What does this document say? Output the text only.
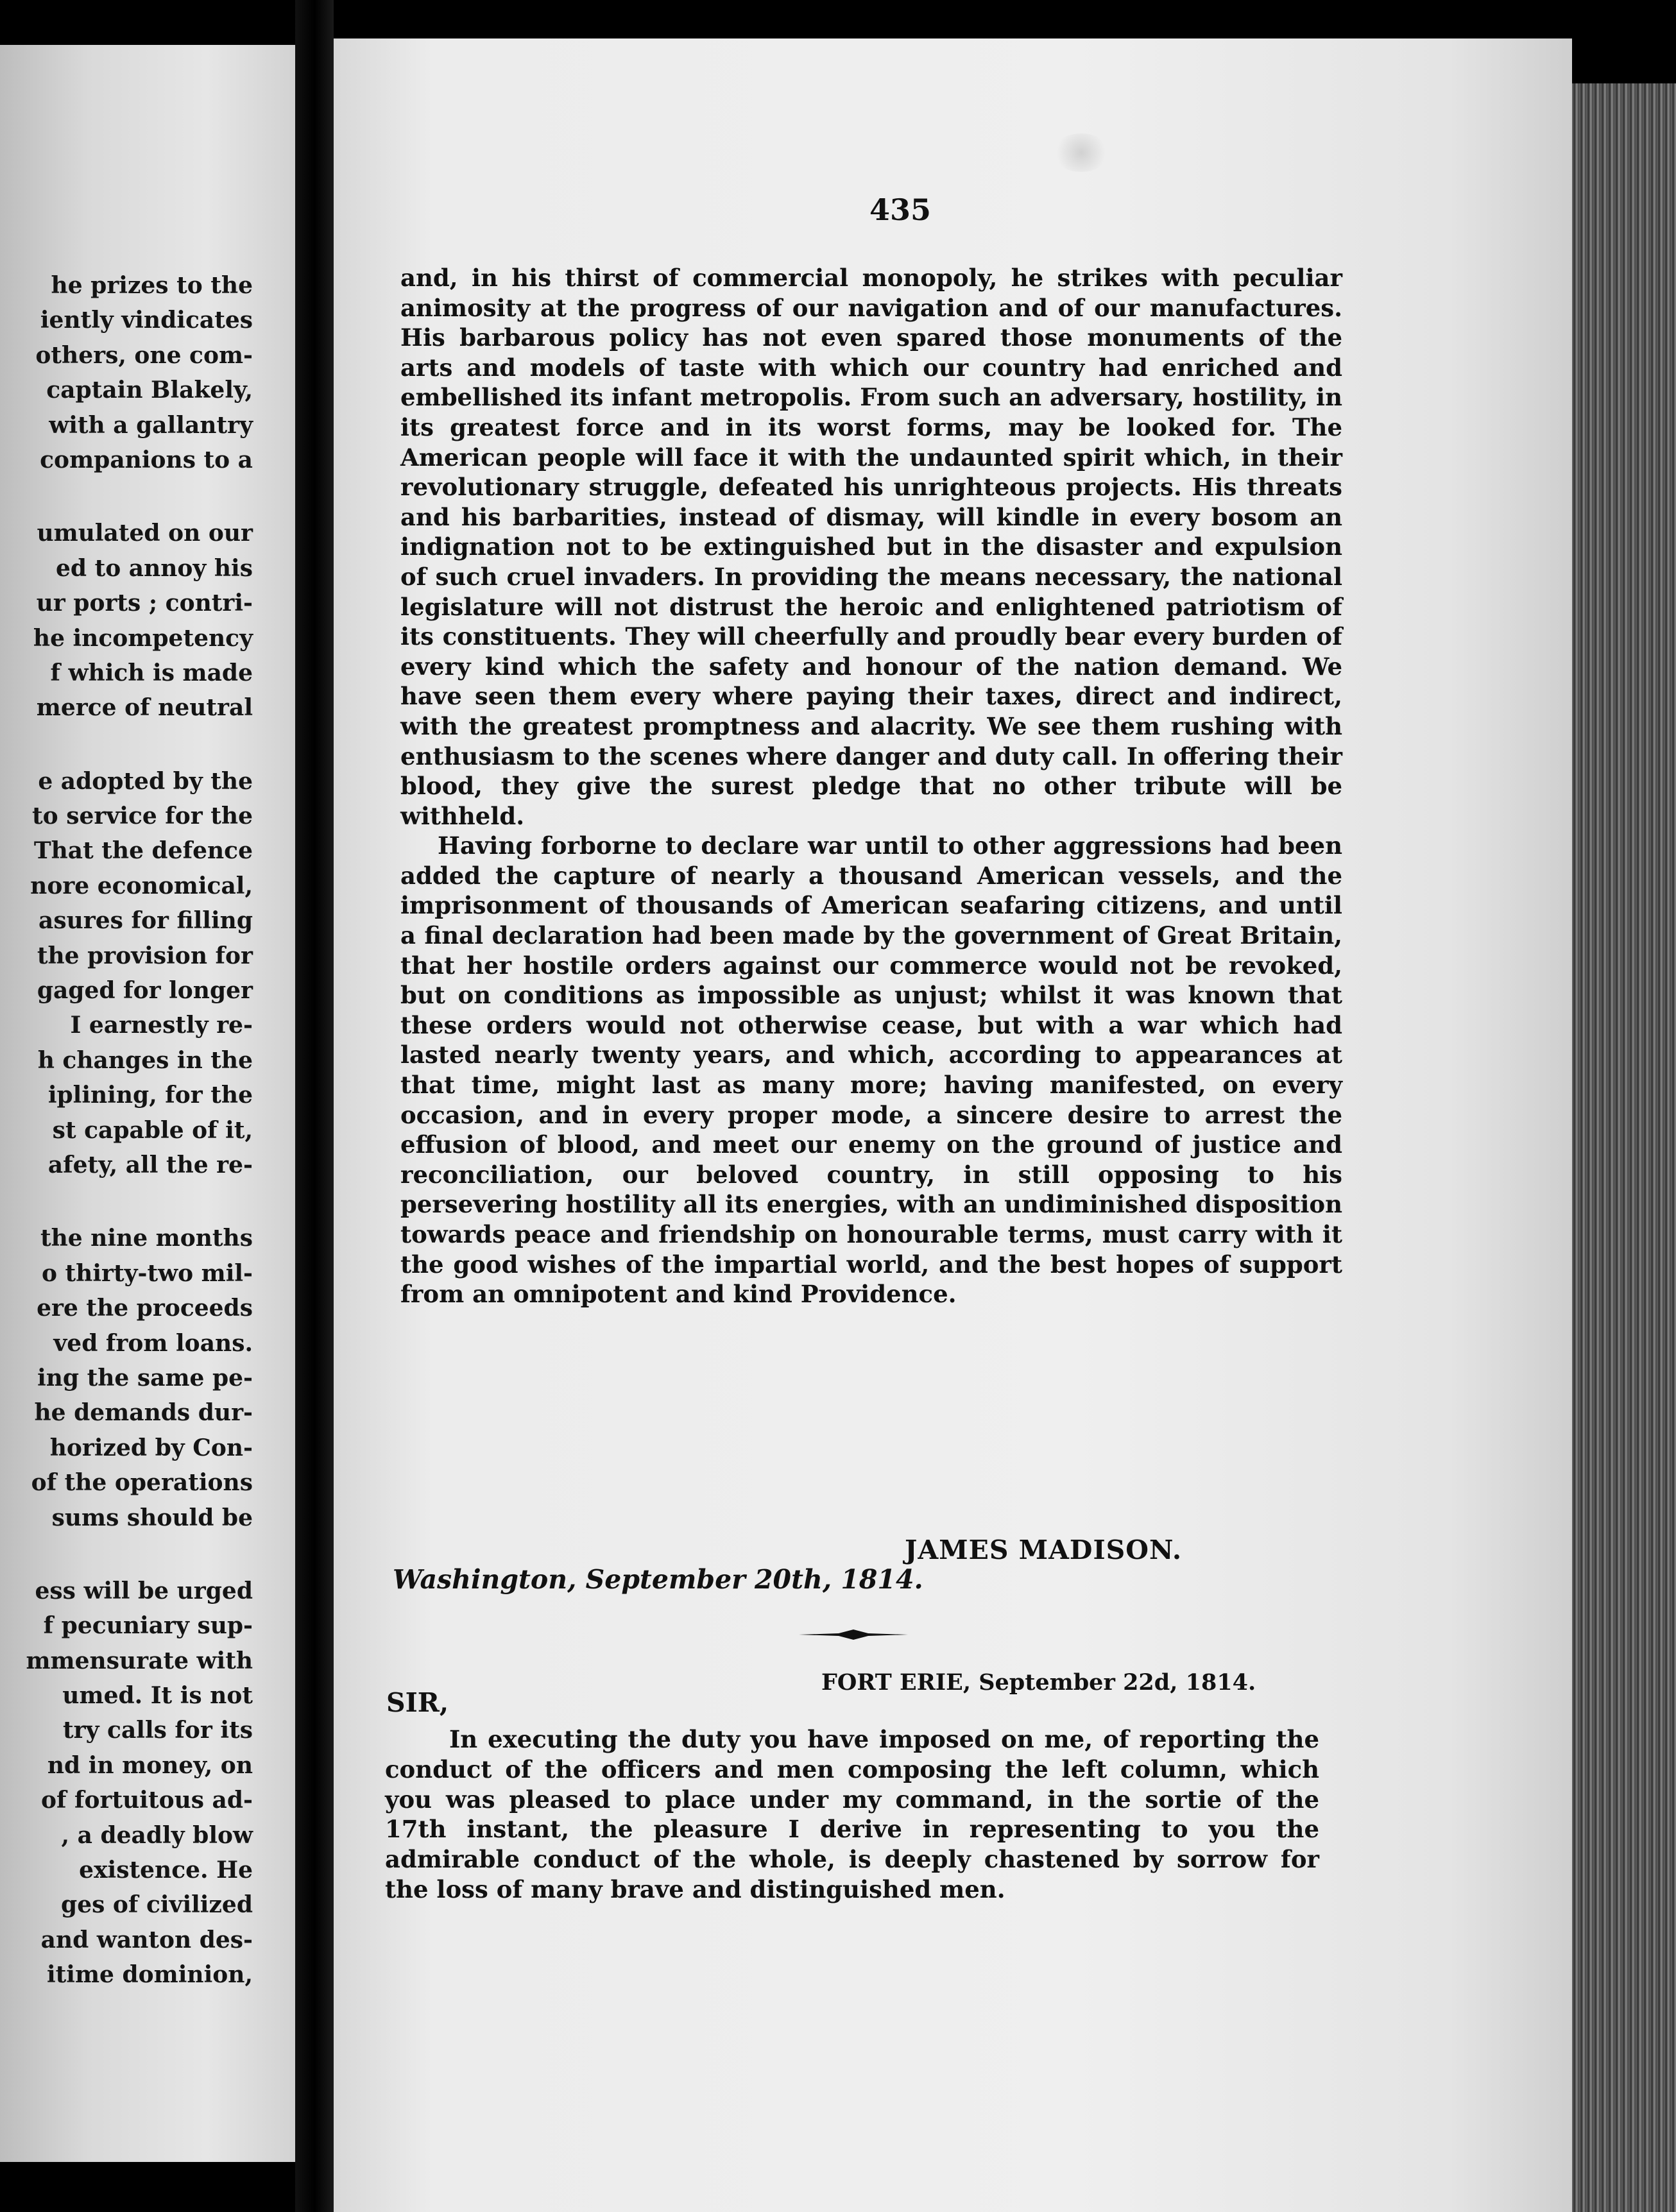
he prizes to the
iently vindicates
others, one com-
captain Blakely,
with a gallantry
companions to a
umulated on our
ed to annoy his
ur ports ; contri-
he incompetency
f which is made
merce of neutral
e adopted by the
to service for the
That the defence
nore economical,
asures for filling
the provision for
gaged for longer
I earnestly re-
h changes in the
iplining, for the
st capable of it,
afety, all the re-
the nine months
o thirty-two mil-
ere the proceeds
ved from loans.
ing the same pe-
he demands dur-
horized by Con-
of the operations
sums should be
ess will be urged
f pecuniary sup-
mmensurate with
umed. It is not
try calls for its
nd in money, on
of fortuitous ad-
, a deadly blow
existence. He
ges of civilized
and wanton des-
itime dominion,
435

and, in his thirst of commercial monopoly, he strikes with peculiar animosity at the progress of our navigation and of our manufactures. His barbarous policy has not even spared those monuments of the arts and models of taste with which our country had enriched and embellished its infant metropolis. From such an adversary, hostility, in its greatest force and in its worst forms, may be looked for. The American people will face it with the undaunted spirit which, in their revolutionary struggle, defeated his unrighteous projects. His threats and his barbarities, instead of dismay, will kindle in every bosom an indignation not to be extinguished but in the disaster and expulsion of such cruel invaders. In providing the means necessary, the national legislature will not distrust the heroic and enlightened patriotism of its constituents. They will cheerfully and proudly bear every burden of every kind which the safety and honour of the nation demand. We have seen them every where paying their taxes, direct and indirect, with the greatest promptness and alacrity. We see them rushing with enthusiasm to the scenes where danger and duty call. In offering their blood, they give the surest pledge that no other tribute will be withheld.

Having forborne to declare war until to other aggressions had been added the capture of nearly a thousand American vessels, and the imprisonment of thousands of American seafaring citizens, and until a final declaration had been made by the government of Great Britain, that her hostile orders against our commerce would not be revoked, but on conditions as impossible as unjust; whilst it was known that these orders would not otherwise cease, but with a war which had lasted nearly twenty years, and which, according to appearances at that time, might last as many more; having manifested, on every occasion, and in every proper mode, a sincere desire to arrest the effusion of blood, and meet our enemy on the ground of justice and reconciliation, our beloved country, in still opposing to his persevering hostility all its energies, with an undiminished disposition towards peace and friendship on honourable terms, must carry with it the good wishes of the impartial world, and the best hopes of support from an omnipotent and kind Providence.

JAMES MADISON.
Washington, September 20th, 1814.
FORT ERIE, September 22d, 1814.
SIR,

In executing the duty you have imposed on me, of reporting the conduct of the officers and men composing the left column, which you was pleased to place under my command, in the sortie of the 17th instant, the pleasure I derive in representing to you the admirable conduct of the whole, is deeply chastened by sorrow for the loss of many brave and distinguished men.
